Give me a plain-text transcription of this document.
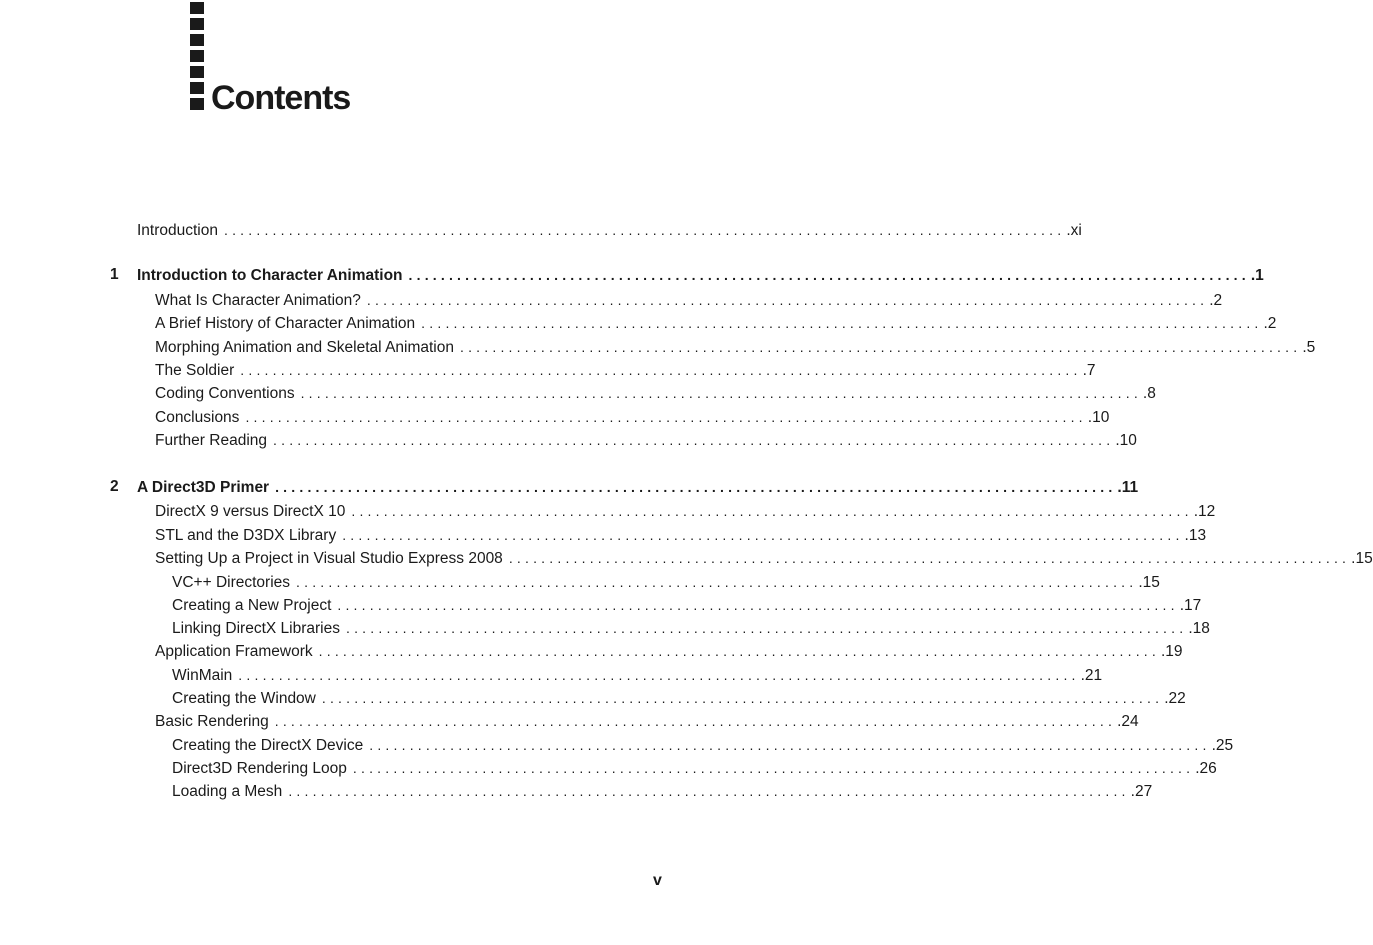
Contents
Introduction ........................................................................................................ .xi
1	Introduction to Character Animation ........................................................................................................ .1
What Is Character Animation? ........................................................................................................ .2
A Brief History of Character Animation ........................................................................................................ .2
Morphing Animation and Skeletal Animation ........................................................................................................ .5
The Soldier ........................................................................................................ .7
Coding Conventions ........................................................................................................ .8
Conclusions ........................................................................................................ .10
Further Reading ........................................................................................................ .10
2	A Direct3D Primer ........................................................................................................ .11
DirectX 9 versus DirectX 10 ........................................................................................................ .12
STL and the D3DX Library ........................................................................................................ .13
Setting Up a Project in Visual Studio Express 2008 ........................................................................................................ .15
VC++ Directories ........................................................................................................ .15
Creating a New Project ........................................................................................................ .17
Linking DirectX Libraries ........................................................................................................ .18
Application Framework ........................................................................................................ .19
WinMain ........................................................................................................ .21
Creating the Window ........................................................................................................ .22
Basic Rendering ........................................................................................................ .24
Creating the DirectX Device ........................................................................................................ .25
Direct3D Rendering Loop ........................................................................................................ .26
Loading a Mesh ........................................................................................................ .27
v
